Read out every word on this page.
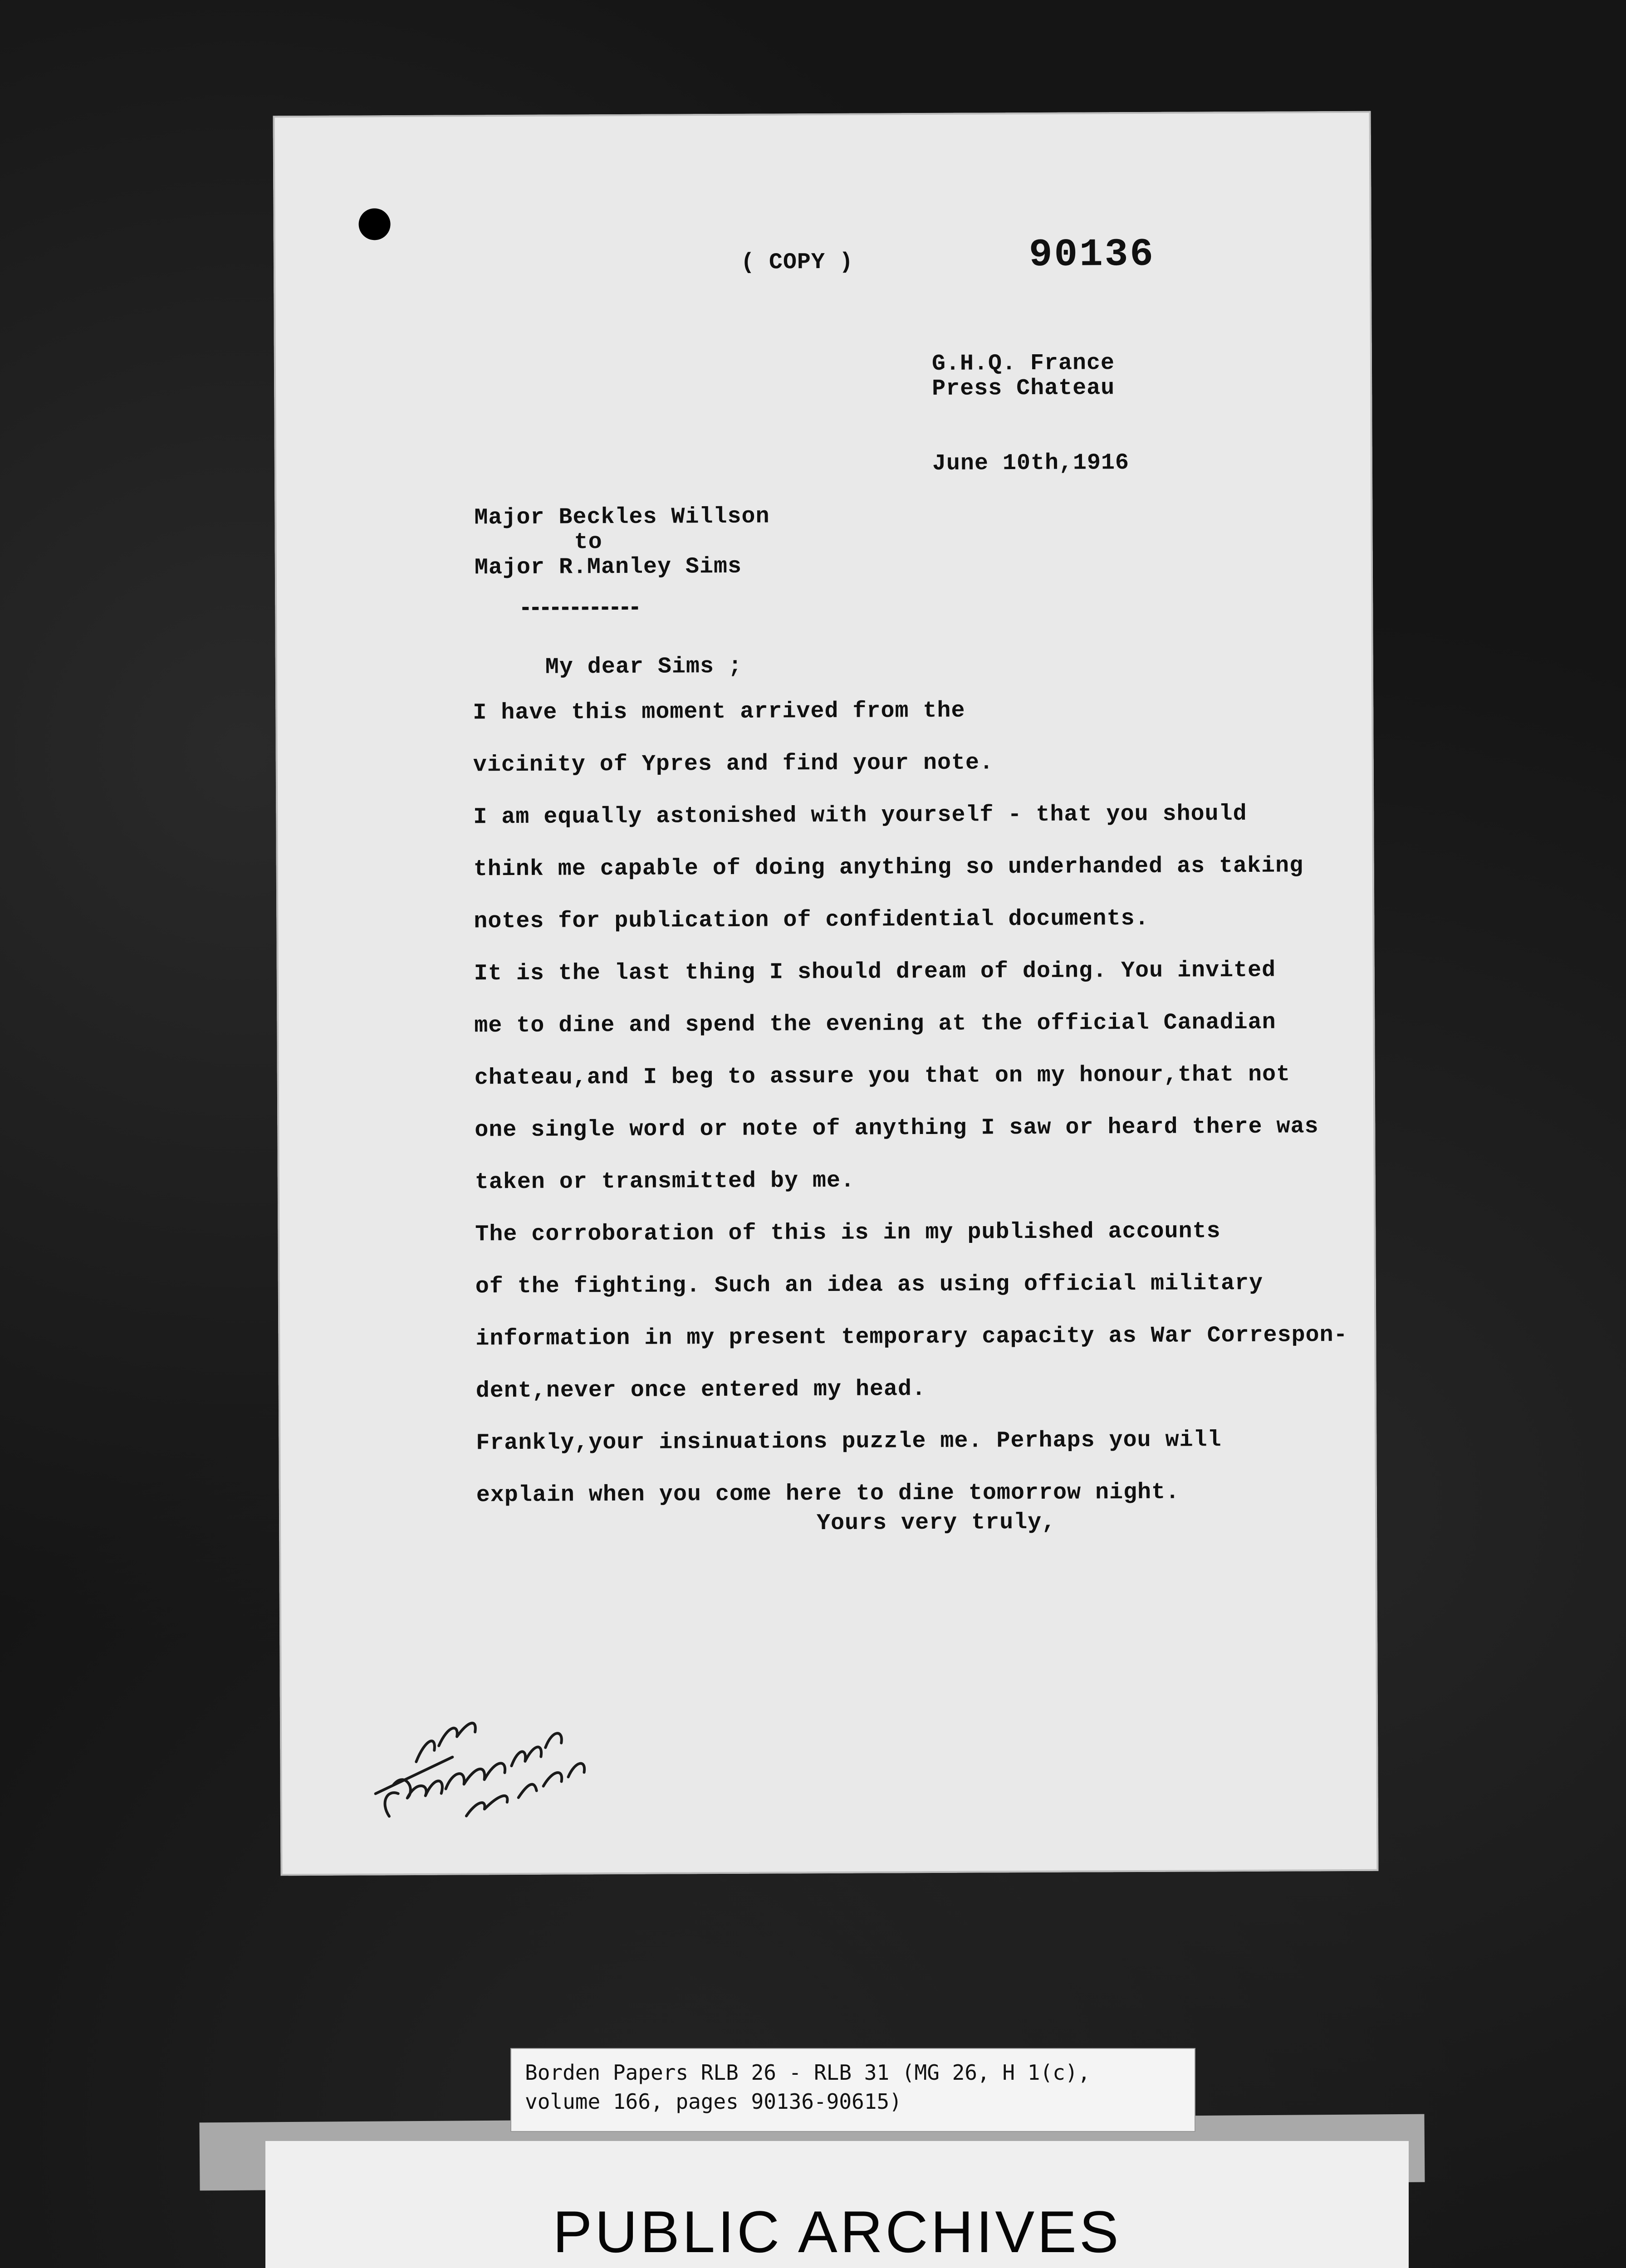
( COPY )	90136
G.H.Q. France
Press Chateau
June 10th,1916
Major Beckles Willson
to
Major R.Manley Sims
My dear Sims ;
I have this moment arrived from the
vicinity of Ypres and find your note.
I am equally astonished with yourself - that you should
think me capable of doing anything so underhanded as taking
notes for publication of confidential documents.
It is the last thing I should dream of doing. You invited
me to dine and spend the evening at the official Canadian
chateau,and I beg to assure you that on my honour,that not
one single word or note of anything I saw or heard there was
taken or transmitted by me.
The corroboration of this is in my published accounts
of the fighting. Such an idea as using official military
information in my present temporary capacity as War Correspon-
dent,never once entered my head.
Frankly,your insinuations puzzle me. Perhaps you will
explain when you come here to dine tomorrow night.
Yours very truly,
Borden Papers RLB 26 - RLB 31 (MG 26, H 1(c),
volume 166, pages 90136-90615)
PUBLIC ARCHIVES
